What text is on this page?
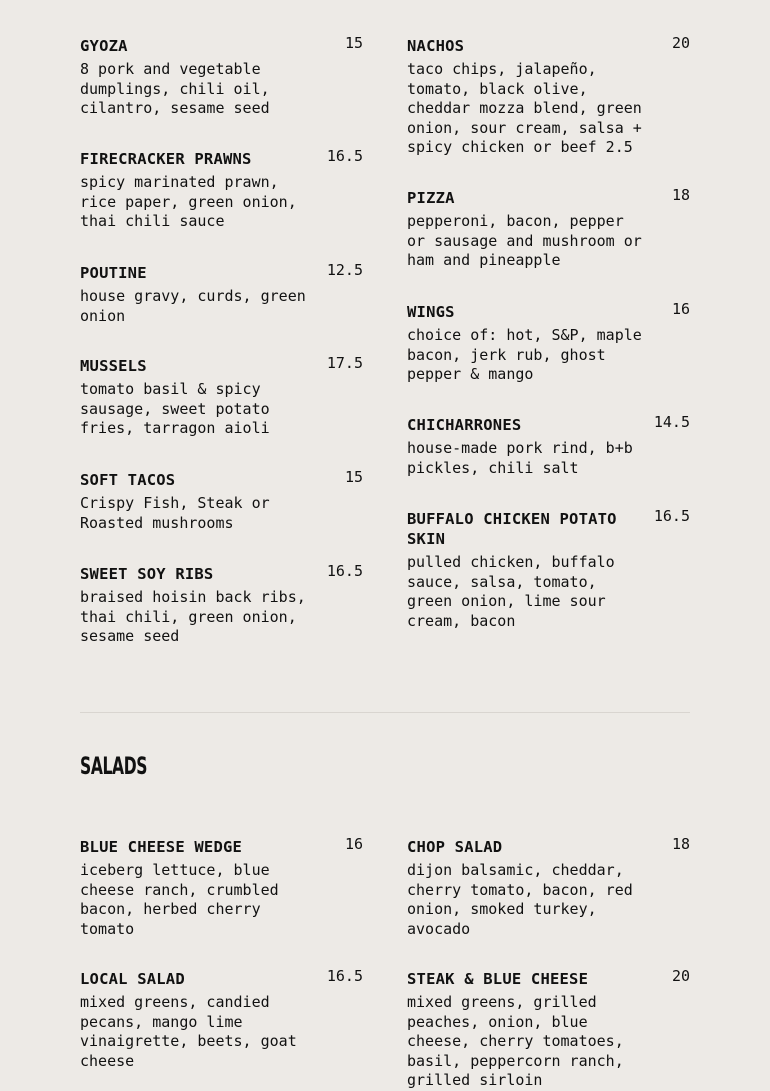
GYOZA	15
8 pork and vegetable dumplings, chili oil, cilantro, sesame seed
FIRECRACKER PRAWNS	16.5
spicy marinated prawn, rice paper, green onion, thai chili sauce
POUTINE	12.5
house gravy, curds, green onion
MUSSELS	17.5
tomato basil & spicy sausage, sweet potato fries, tarragon aioli
SOFT TACOS	15
Crispy Fish, Steak or Roasted mushrooms
SWEET SOY RIBS	16.5
braised hoisin back ribs, thai chili, green onion, sesame seed
NACHOS	20
taco chips, jalapeño, tomato, black olive, cheddar mozza blend, green onion, sour cream, salsa + spicy chicken or beef 2.5
PIZZA	18
pepperoni, bacon, pepper or sausage and mushroom or ham and pineapple
WINGS	16
choice of: hot, S&P, maple bacon, jerk rub, ghost pepper & mango
CHICHARRONES	14.5
house-made pork rind, b+b pickles, chili salt
BUFFALO CHICKEN POTATO SKIN
16.5
pulled chicken, buffalo sauce, salsa, tomato, green onion, lime sour cream, bacon
SALADS
BLUE CHEESE WEDGE	16
iceberg lettuce, blue cheese ranch, crumbled bacon, herbed cherry tomato
LOCAL SALAD	16.5
mixed greens, candied pecans, mango lime vinaigrette, beets, goat cheese
CHOP SALAD	18
dijon balsamic, cheddar, cherry tomato, bacon, red onion, smoked turkey, avocado
STEAK & BLUE CHEESE	20
mixed greens, grilled peaches, onion, blue cheese, cherry tomatoes, basil, peppercorn ranch, grilled sirloin
